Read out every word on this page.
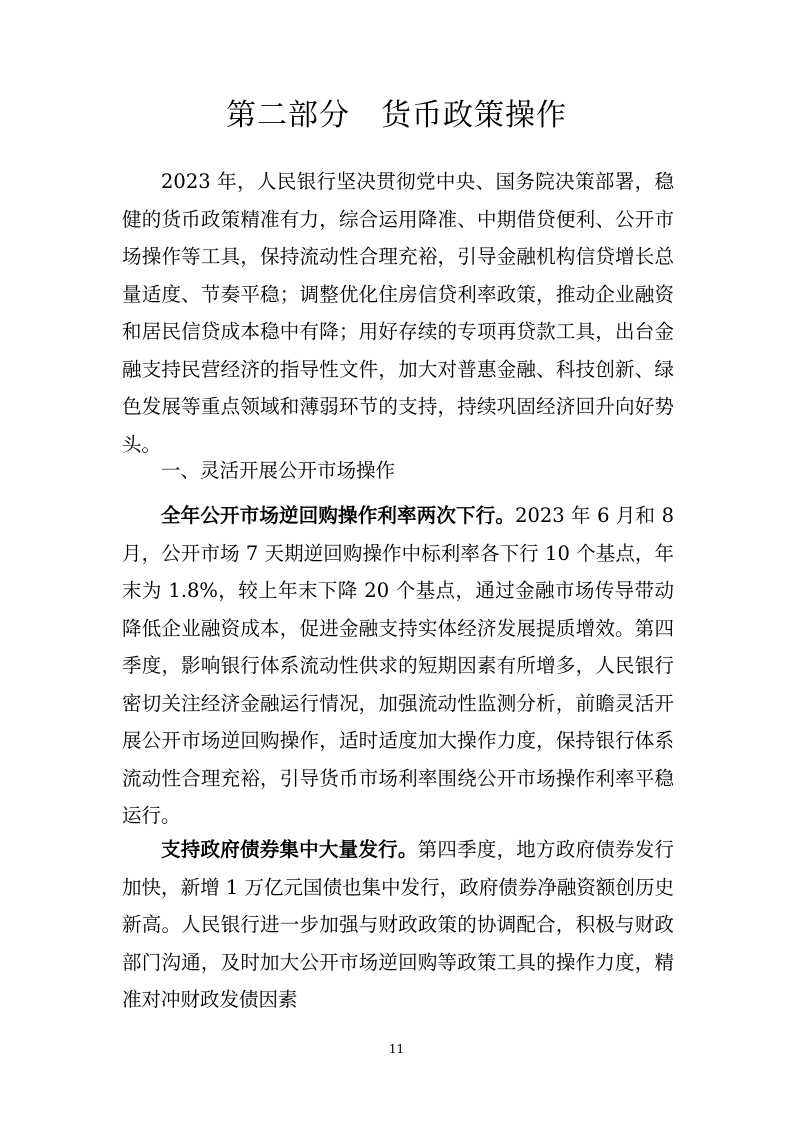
第二部分　货币政策操作

2023 年，人民银行坚决贯彻党中央、国务院决策部署，稳健的货币政策精准有力，综合运用降准、中期借贷便利、公开市场操作等工具，保持流动性合理充裕，引导金融机构信贷增长总量适度、节奏平稳；调整优化住房信贷利率政策，推动企业融资和居民信贷成本稳中有降；用好存续的专项再贷款工具，出台金融支持民营经济的指导性文件，加大对普惠金融、科技创新、绿色发展等重点领域和薄弱环节的支持，持续巩固经济回升向好势头。

一、灵活开展公开市场操作

全年公开市场逆回购操作利率两次下行。2023 年 6 月和 8 月，公开市场 7 天期逆回购操作中标利率各下行 10 个基点，年末为 1.8%，较上年末下降 20 个基点，通过金融市场传导带动降低企业融资成本，促进金融支持实体经济发展提质增效。第四季度，影响银行体系流动性供求的短期因素有所增多，人民银行密切关注经济金融运行情况，加强流动性监测分析，前瞻灵活开展公开市场逆回购操作，适时适度加大操作力度，保持银行体系流动性合理充裕，引导货币市场利率围绕公开市场操作利率平稳运行。

支持政府债券集中大量发行。第四季度，地方政府债券发行加快，新增 1 万亿元国债也集中发行，政府债券净融资额创历史新高。人民银行进一步加强与财政政策的协调配合，积极与财政部门沟通，及时加大公开市场逆回购等政策工具的操作力度，精准对冲财政发债因素

11
